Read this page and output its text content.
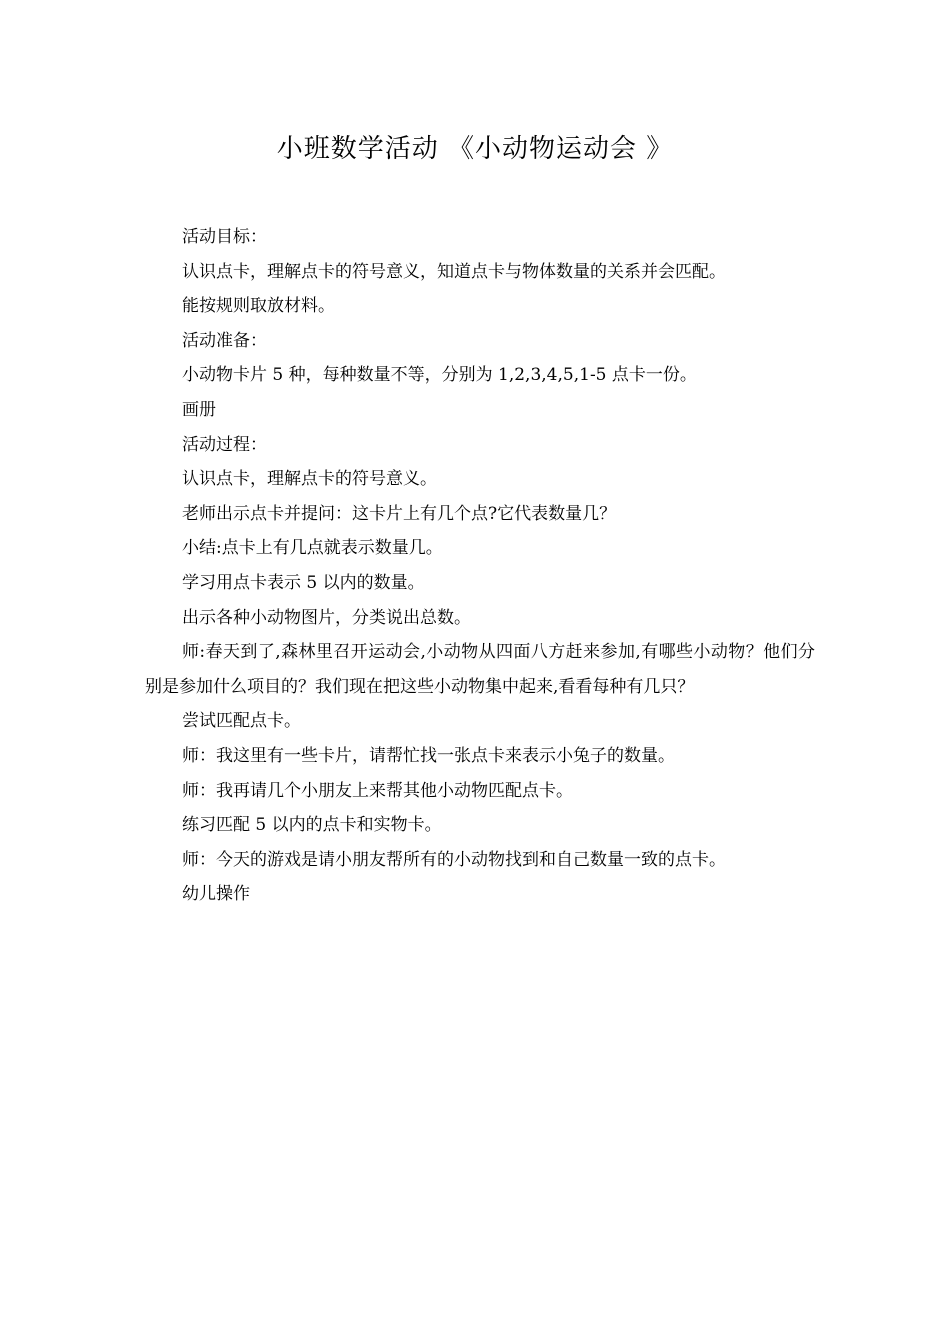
小班数学活动 《小动物运动会 》

活动目标：

认识点卡，理解点卡的符号意义，知道点卡与物体数量的关系并会匹配。

能按规则取放材料。

活动准备：

小动物卡片 5 种，每种数量不等，分别为 1,2,3,4,5,1-5 点卡一份。

画册

活动过程：

认识点卡，理解点卡的符号意义。

老师出示点卡并提问：这卡片上有几个点?它代表数量几？

小结:点卡上有几点就表示数量几。

学习用点卡表示 5 以内的数量。

出示各种小动物图片，分类说出总数。

师:春天到了,森林里召开运动会,小动物从四面八方赶来参加,有哪些小动物？他们分别是参加什么项目的？我们现在把这些小动物集中起来,看看每种有几只？

尝试匹配点卡。

师：我这里有一些卡片，请帮忙找一张点卡来表示小兔子的数量。

师：我再请几个小朋友上来帮其他小动物匹配点卡。

练习匹配 5 以内的点卡和实物卡。

师：今天的游戏是请小朋友帮所有的小动物找到和自己数量一致的点卡。

幼儿操作
